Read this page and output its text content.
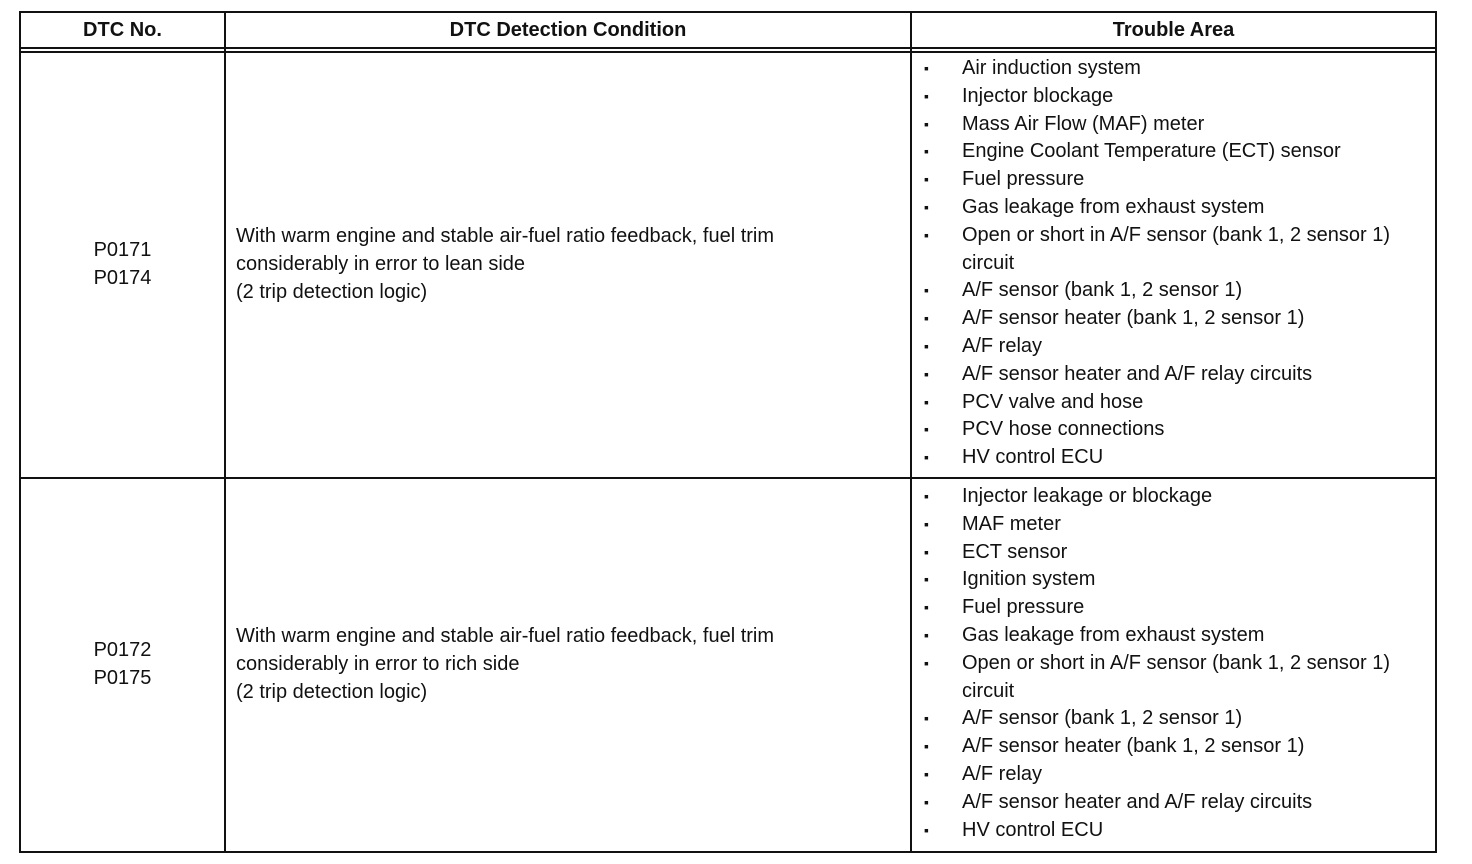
DTC No.	DTC Detection Condition	Trouble Area
P0171
P0174
With warm engine and stable air-fuel ratio feedback, fuel trim
considerably in error to lean side
(2 trip detection logic)
▪ Air induction system
▪ Injector blockage
▪ Mass Air Flow (MAF) meter
▪ Engine Coolant Temperature (ECT) sensor
▪ Fuel pressure
▪ Gas leakage from exhaust system
▪ Open or short in A/F sensor (bank 1, 2 sensor 1) circuit
▪ A/F sensor (bank 1, 2 sensor 1)
▪ A/F sensor heater (bank 1, 2 sensor 1)
▪ A/F relay
▪ A/F sensor heater and A/F relay circuits
▪ PCV valve and hose
▪ PCV hose connections
▪ HV control ECU
P0172
P0175
With warm engine and stable air-fuel ratio feedback, fuel trim
considerably in error to rich side
(2 trip detection logic)
▪ Injector leakage or blockage
▪ MAF meter
▪ ECT sensor
▪ Ignition system
▪ Fuel pressure
▪ Gas leakage from exhaust system
▪ Open or short in A/F sensor (bank 1, 2 sensor 1) circuit
▪ A/F sensor (bank 1, 2 sensor 1)
▪ A/F sensor heater (bank 1, 2 sensor 1)
▪ A/F relay
▪ A/F sensor heater and A/F relay circuits
▪ HV control ECU
